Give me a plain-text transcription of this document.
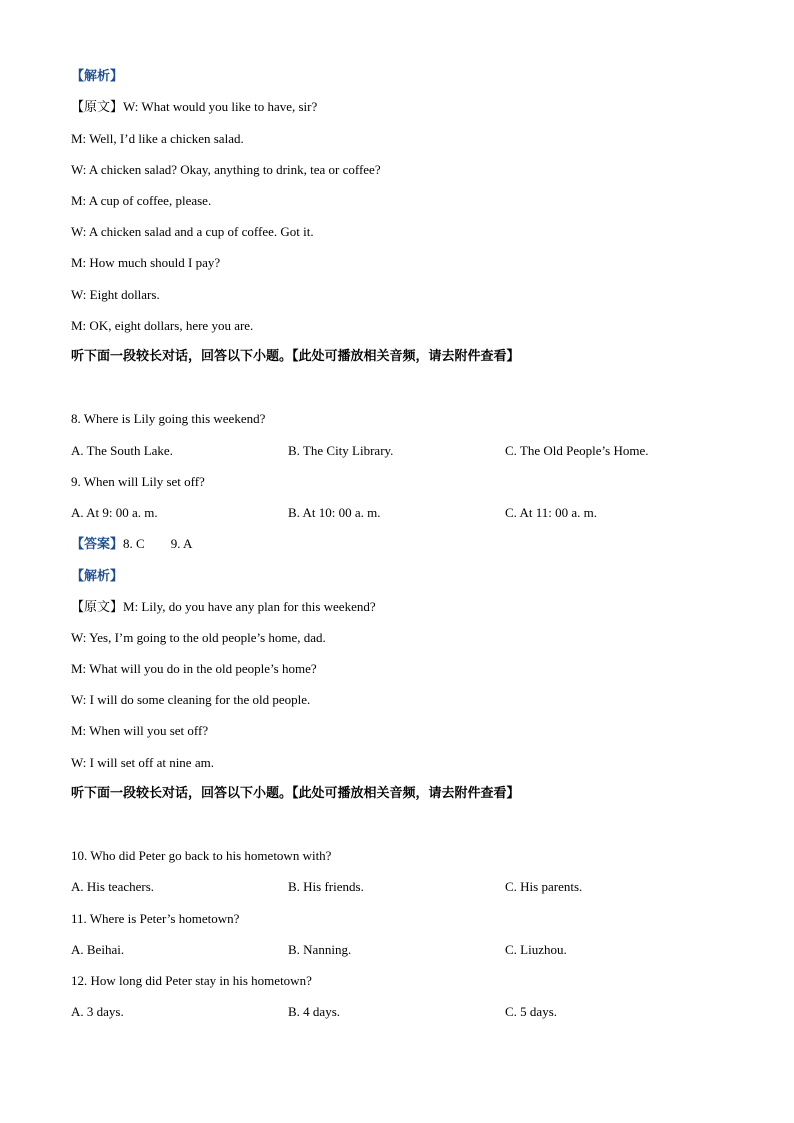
【解析】
【原文】W: What would you like to have, sir?
M: Well, I’d like a chicken salad.
W: A chicken salad? Okay, anything to drink, tea or coffee?
M: A cup of coffee, please.
W: A chicken salad and a cup of coffee. Got it.
M: How much should I pay?
W: Eight dollars.
M: OK, eight dollars, here you are.
听下面一段较长对话，回答以下小题。【此处可播放相关音频，请去附件查看】
8. Where is Lily going this weekend?
A. The South Lake.	B. The City Library.	C. The Old People’s Home.
9. When will Lily set off?
A. At 9: 00 a. m.	B. At 10: 00 a. m.	C. At 11: 00 a. m.
【答案】8. C 9. A
【解析】
【原文】M: Lily, do you have any plan for this weekend?
W: Yes, I’m going to the old people’s home, dad.
M: What will you do in the old people’s home?
W: I will do some cleaning for the old people.
M: When will you set off?
W: I will set off at nine am.
听下面一段较长对话，回答以下小题。【此处可播放相关音频，请去附件查看】
10. Who did Peter go back to his hometown with?
A. His teachers.	B. His friends.	C. His parents.
11. Where is Peter’s hometown?
A. Beihai.	B. Nanning.	C. Liuzhou.
12. How long did Peter stay in his hometown?
A. 3 days.	B. 4 days.	C. 5 days.
